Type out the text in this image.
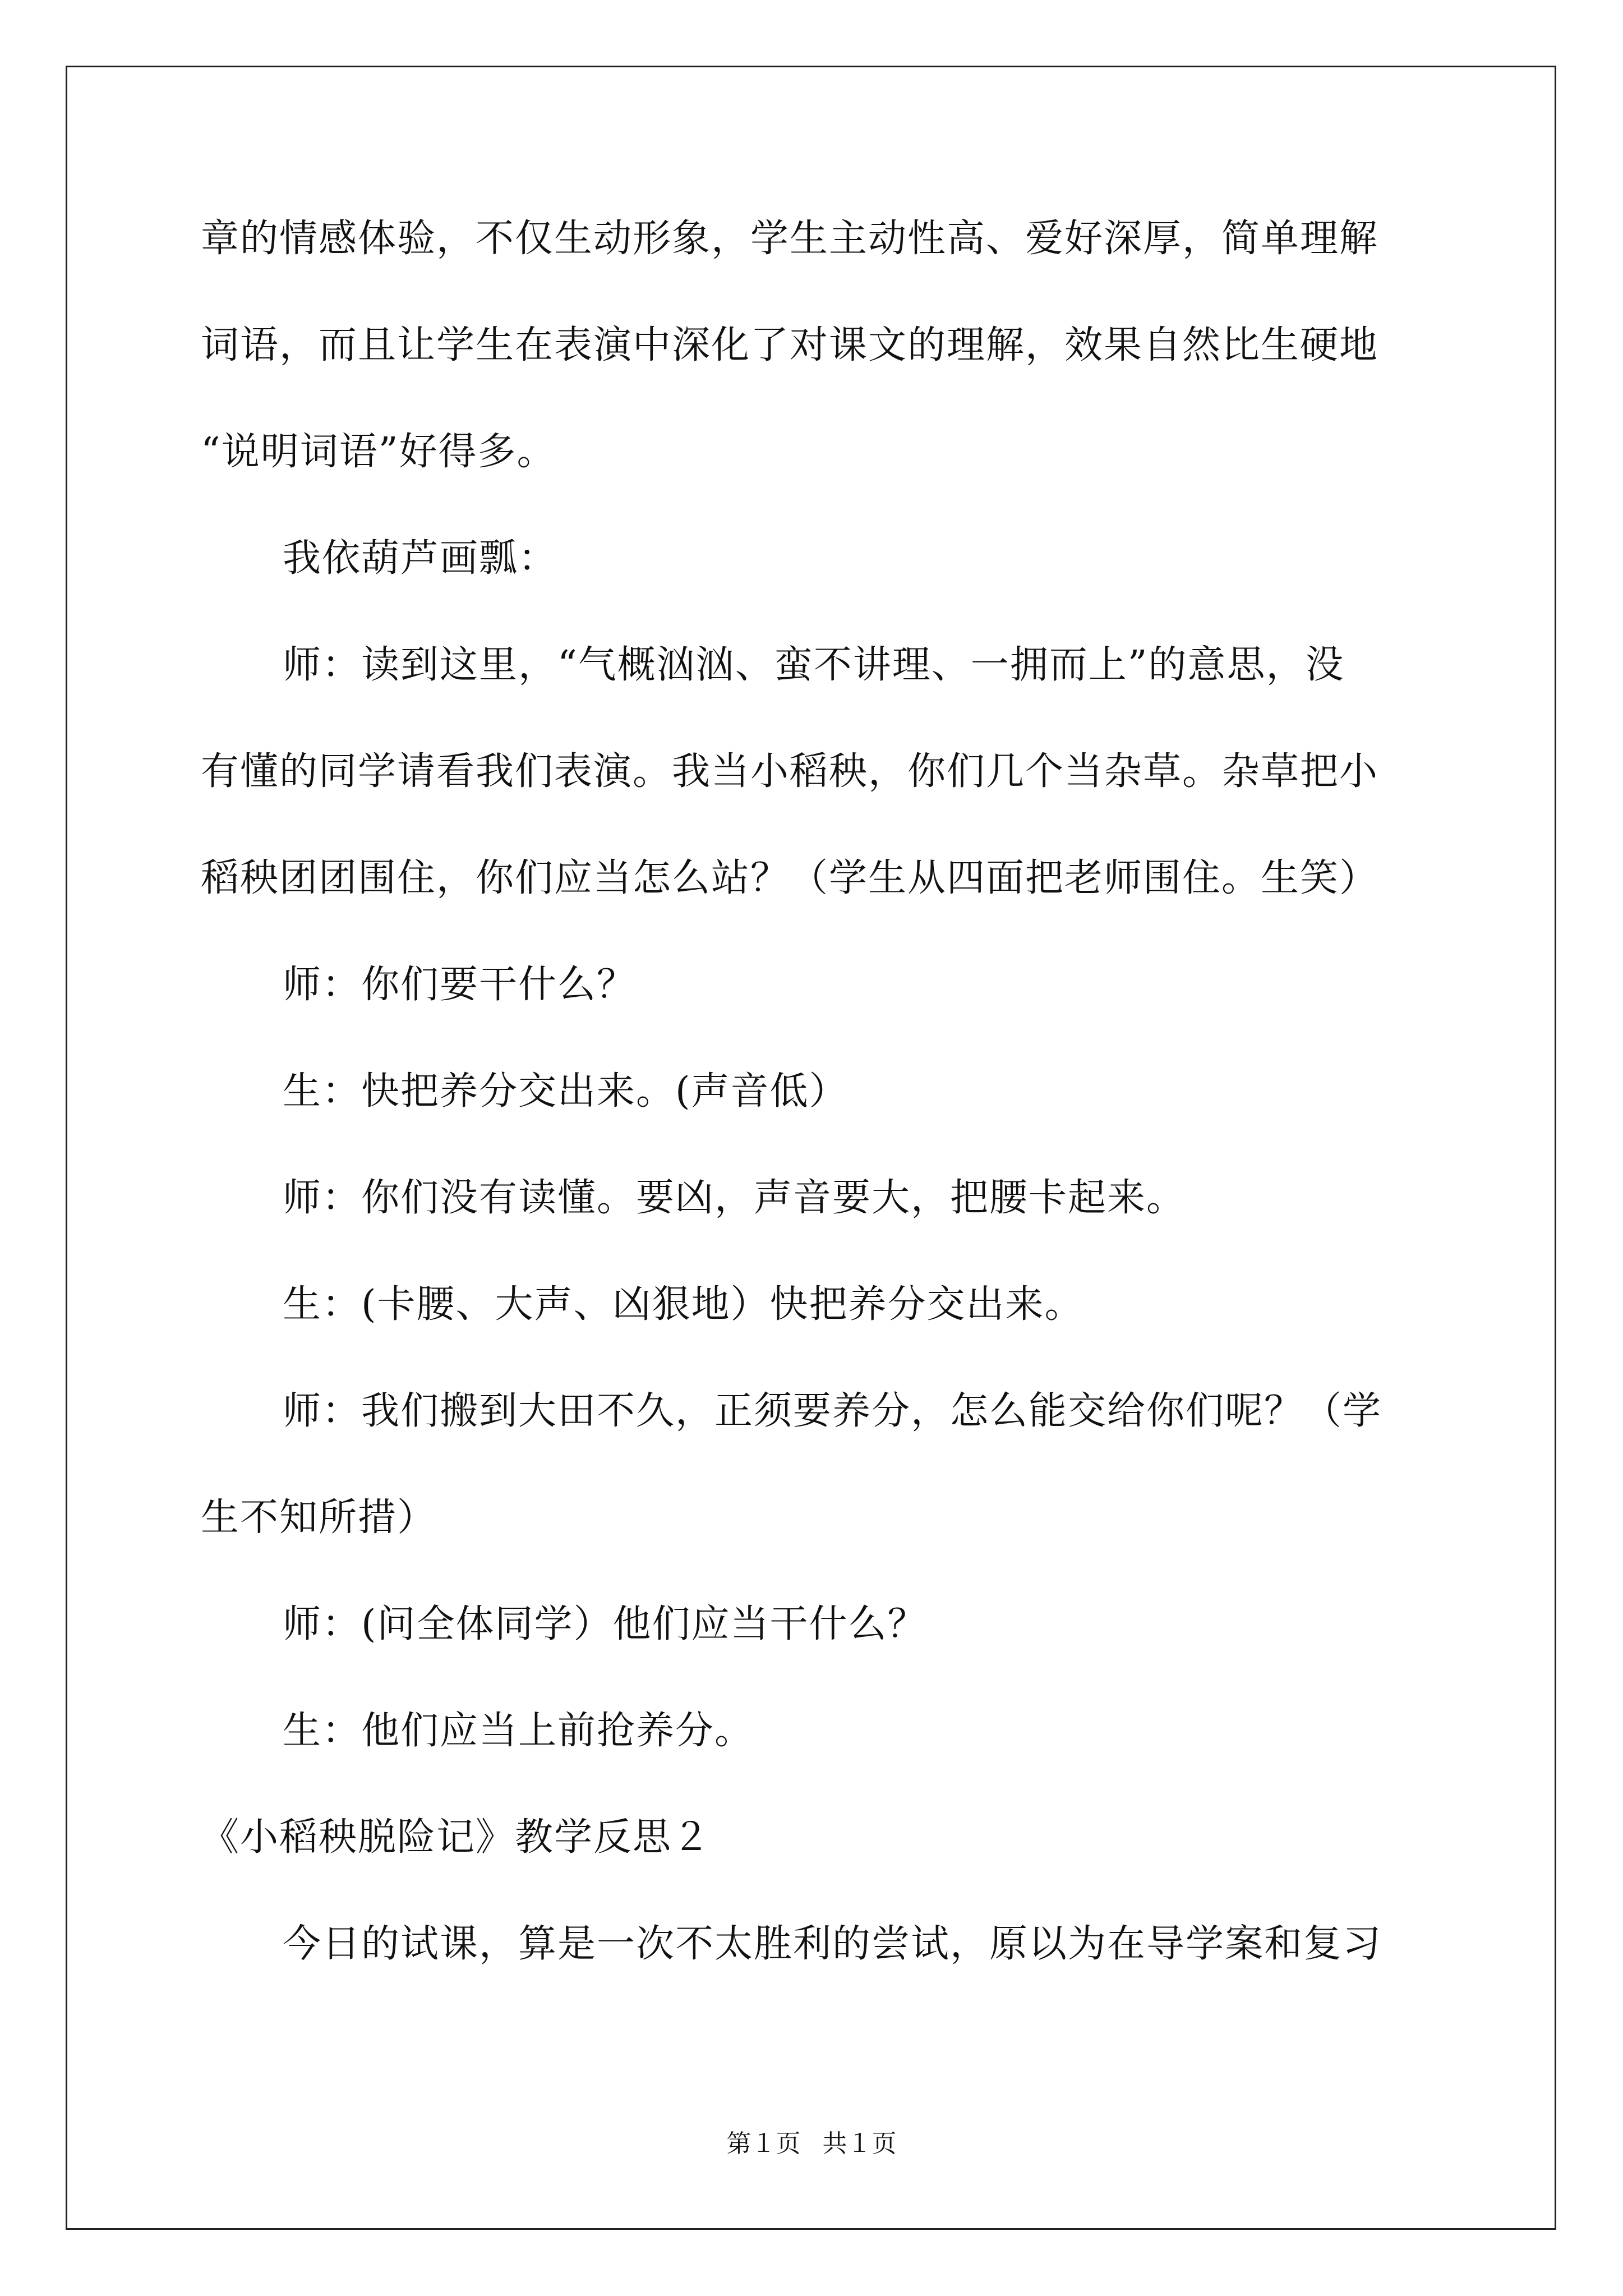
章的情感体验，不仅生动形象，学生主动性高、爱好深厚，简单理解
词语，而且让学生在表演中深化了对课文的理解，效果自然比生硬地
“说明词语”好得多。
我依葫芦画瓢：
师：读到这里，“气概汹汹、蛮不讲理、一拥而上”的意思，没
有懂的同学请看我们表演。我当小稻秧，你们几个当杂草。杂草把小
稻秧团团围住，你们应当怎么站？（学生从四面把老师围住。生笑）
师：你们要干什么？
生：快把养分交出来。(声音低）
师：你们没有读懂。要凶，声音要大，把腰卡起来。
生：(卡腰、大声、凶狠地）快把养分交出来。
师：我们搬到大田不久，正须要养分，怎么能交给你们呢？（学
生不知所措）
师：(问全体同学）他们应当干什么？
生：他们应当上前抢养分。
《小稻秧脱险记》教学反思２
今日的试课，算是一次不太胜利的尝试，原以为在导学案和复习
第１页 共１页
